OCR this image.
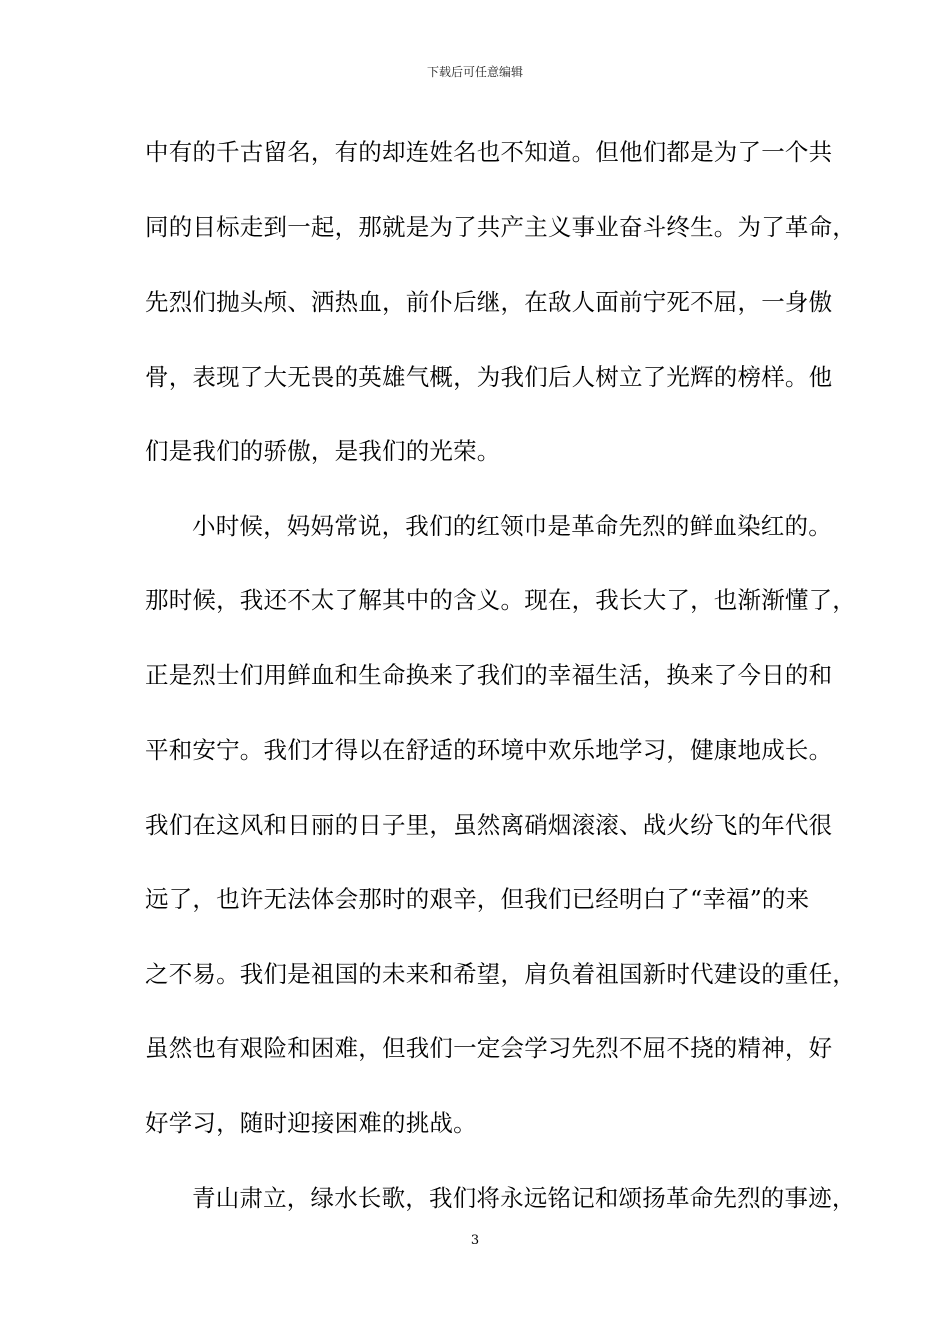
下载后可任意编辑
中有的千古留名，有的却连姓名也不知道。但他们都是为了一个共
同的目标走到一起，那就是为了共产主义事业奋斗终生。为了革命，
先烈们抛头颅、洒热血，前仆后继，在敌人面前宁死不屈，一身傲
骨，表现了大无畏的英雄气概，为我们后人树立了光辉的榜样。他
们是我们的骄傲，是我们的光荣。
小时候，妈妈常说，我们的红领巾是革命先烈的鲜血染红的。
那时候，我还不太了解其中的含义。现在，我长大了，也渐渐懂了，
正是烈士们用鲜血和生命换来了我们的幸福生活，换来了今日的和
平和安宁。我们才得以在舒适的环境中欢乐地学习，健康地成长。
我们在这风和日丽的日子里，虽然离硝烟滚滚、战火纷飞的年代很
远了，也许无法体会那时的艰辛，但我们已经明白了“幸福”的来
之不易。我们是祖国的未来和希望，肩负着祖国新时代建设的重任，
虽然也有艰险和困难，但我们一定会学习先烈不屈不挠的精神，好
好学习，随时迎接困难的挑战。
青山肃立，绿水长歌，我们将永远铭记和颂扬革命先烈的事迹，
3
